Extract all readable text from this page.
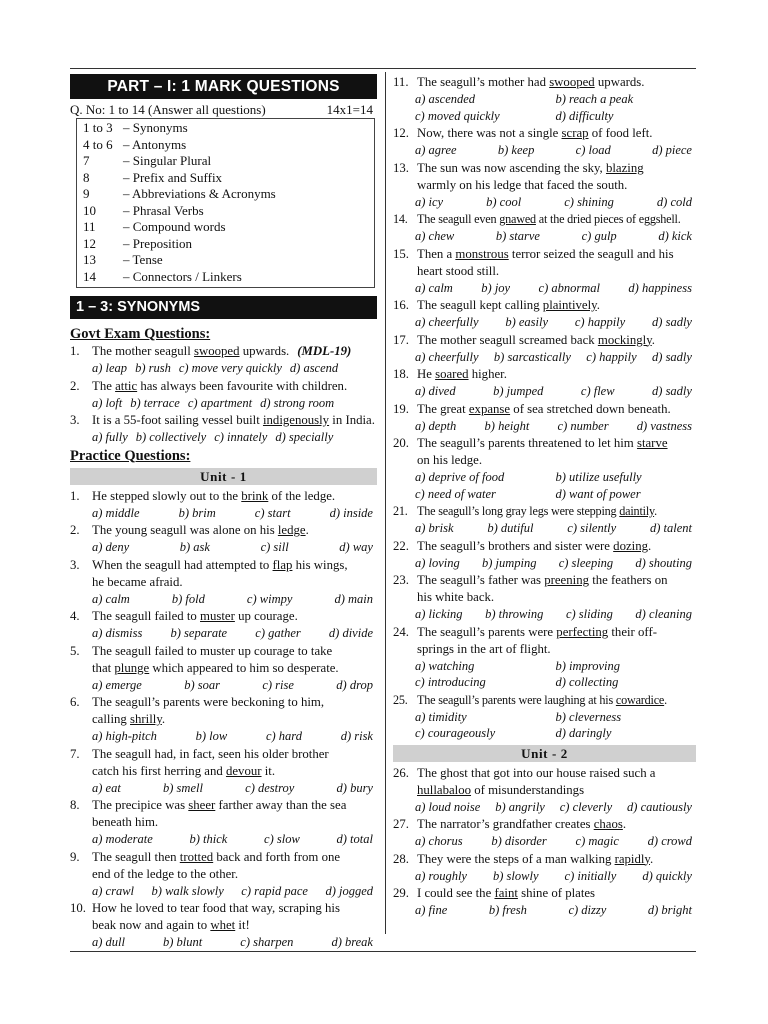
PART – I: 1 MARK QUESTIONS
Q. No: 1 to 14 (Answer all questions)	14x1=14
1 to 3 – Synonyms
4 to 6 – Antonyms
7	– Singular Plural
8	– Prefix and Suffix
9	– Abbreviations & Acronyms
10	– Phrasal Verbs
11	– Compound words
12	– Preposition
13	– Tense
14	– Connectors / Linkers
1 – 3: SYNONYMS
Govt Exam Questions:
1. The mother seagull swooped upwards. (MDL-19)
a) leap b) rush c) move very quickly d) ascend
2. The attic has always been favourite with children.
a) loft b) terrace c) apartment d) strong room
3. It is a 55-foot sailing vessel built indigenously in India.
a) fully b) collectively c) innately d) specially
Practice Questions:
Unit - 1
1. He stepped slowly out to the brink of the ledge.
a) middle	b) brim	c) start	d) inside
2. The young seagull was alone on his ledge.
a) deny	b) ask	c) sill	d) way
3. When the seagull had attempted to flap his wings,
he became afraid.
a) calm	b) fold	c) wimpy	d) main
4. The seagull failed to muster up courage.
a) dismiss b) separate c) gather d) divide
5. The seagull failed to muster up courage to take
that plunge which appeared to him so desperate.
a) emerge	b) soar	c) rise	d) drop
6. The seagull’s parents were beckoning to him,
calling shrilly.
a) high-pitch	b) low	c) hard	d) risk
7. The seagull had, in fact, seen his older brother
catch his first herring and devour it.
a) eat	b) smell	c) destroy	d) bury
8. The precipice was sheer farther away than the sea
beneath him.
a) moderate	b) thick	c) slow	d) total
9. The seagull then trotted back and forth from one
end of the ledge to the other.
a) crawl b) walk slowly c) rapid pace d) jogged
10. How he loved to tear food that way, scraping his
beak now and again to whet it!
a) dull	b) blunt	c) sharpen	d) break
11. The seagull’s mother had swooped upwards.
a) ascended	b) reach a peak
c) moved quickly	d) difficulty
12. Now, there was not a single scrap of food left.
a) agree	b) keep	c) load	d) piece
13. The sun was now ascending the sky, blazing
warmly on his ledge that faced the south.
a) icy	b) cool	c) shining	d) cold
14. The seagull even gnawed at the dried pieces of eggshell.
a) chew	b) starve	c) gulp	d) kick
15. Then a monstrous terror seized the seagull and his
heart stood still.
a) calm b) joy c) abnormal d) happiness
16. The seagull kept calling plaintively.
a) cheerfully b) easily c) happily d) sadly
17. The mother seagull screamed back mockingly.
a) cheerfully b) sarcastically c) happily d) sadly
18. He soared higher.
a) dived	b) jumped	c) flew	d) sadly
19. The great expanse of sea stretched down beneath.
a) depth b) height c) number d) vastness
20. The seagull’s parents threatened to let him starve
on his ledge.
a) deprive of food	b) utilize usefully
c) need of water	d) want of power
21. The seagull’s long gray legs were stepping daintily.
a) brisk	b) dutiful	c) silently	d) talent
22. The seagull’s brothers and sister were dozing.
a) loving b) jumping c) sleeping d) shouting
23. The seagull’s father was preening the feathers on
his white back.
a) licking b) throwing c) sliding d) cleaning
24. The seagull’s parents were perfecting their off-
springs in the art of flight.
a) watching	b) improving
c) introducing	d) collecting
25. The seagull’s parents were laughing at his cowardice.
a) timidity	b) cleverness
c) courageously	d) daringly
Unit - 2
26. The ghost that got into our house raised such a
hullabaloo of misunderstandings
a) loud noise b) angrily c) cleverly d) cautiously
27. The narrator’s grandfather creates chaos.
a) chorus b) disorder c) magic d) crowd
28. They were the steps of a man walking rapidly.
a) roughly b) slowly c) initially d) quickly
29. I could see the faint shine of plates
a) fine	b) fresh	c) dizzy	d) bright
